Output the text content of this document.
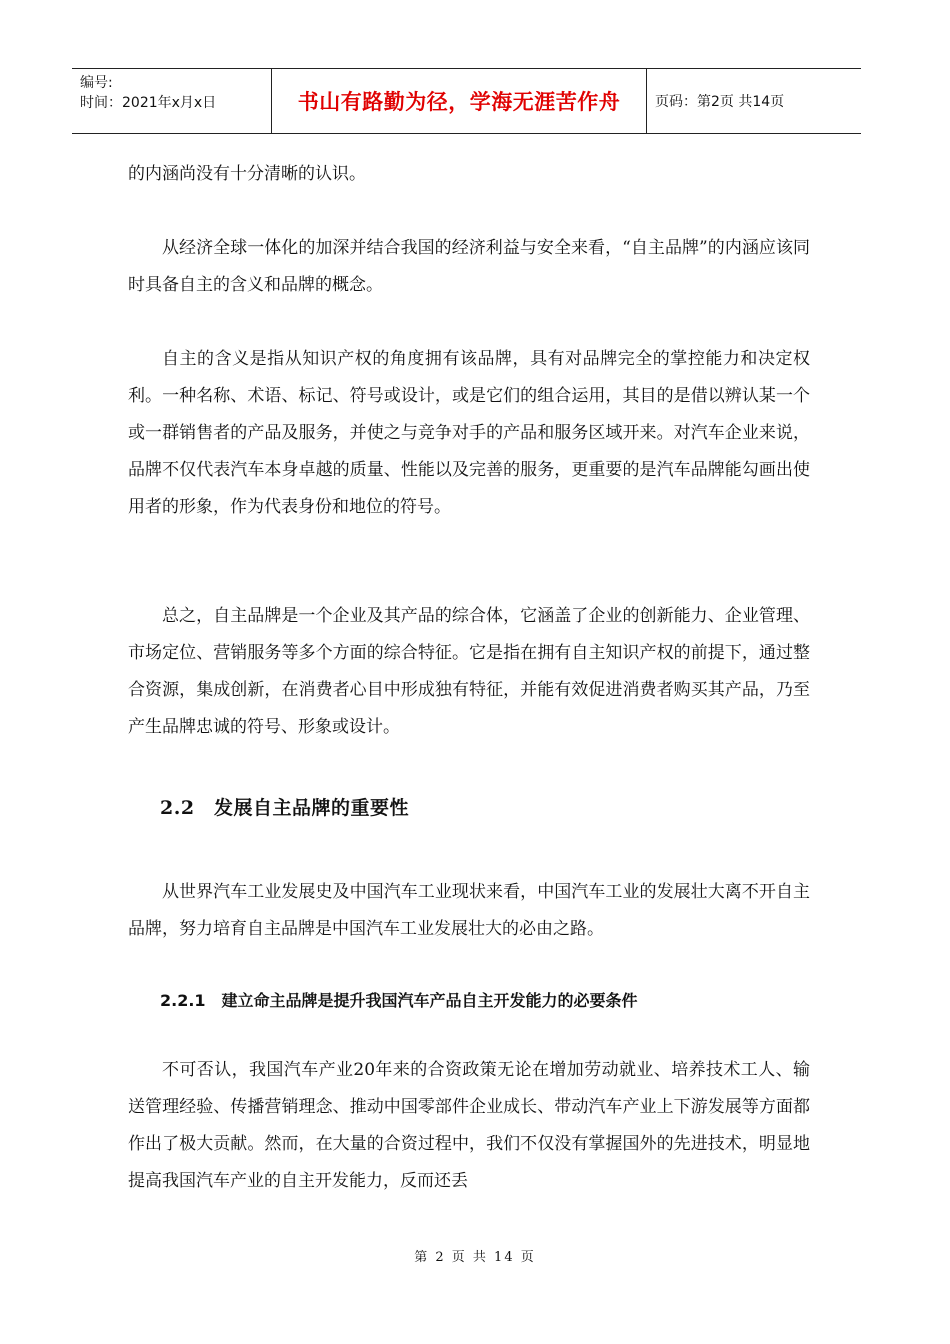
编号:
时间：2021年x月x日	书山有路勤为径，学海无涯苦作舟	页码：第2页 共14页

的内涵尚没有十分清晰的认识。

从经济全球一体化的加深并结合我国的经济利益与安全来看，“自主品牌”的内涵应该同时具备自主的含义和品牌的概念。

自主的含义是指从知识产权的角度拥有该品牌，具有对品牌完全的掌控能力和决定权利。一种名称、术语、标记、符号或设计，或是它们的组合运用，其目的是借以辨认某一个或一群销售者的产品及服务，并使之与竞争对手的产品和服务区域开来。对汽车企业来说，品牌不仅代表汽车本身卓越的质量、性能以及完善的服务，更重要的是汽车品牌能勾画出使用者的形象，作为代表身份和地位的符号。

总之，自主品牌是一个企业及其产品的综合体，它涵盖了企业的创新能力、企业管理、市场定位、营销服务等多个方面的综合特征。它是指在拥有自主知识产权的前提下，通过整合资源，集成创新，在消费者心目中形成独有特征，并能有效促进消费者购买其产品，乃至产生品牌忠诚的符号、形象或设计。

2.2　发展自主品牌的重要性

从世界汽车工业发展史及中国汽车工业现状来看，中国汽车工业的发展壮大离不开自主品牌，努力培育自主品牌是中国汽车工业发展壮大的必由之路。

2.2.1　建立命主品牌是提升我国汽车产品自主开发能力的必要条件

不可否认，我国汽车产业20年来的合资政策无论在增加劳动就业、培养技术工人、输送管理经验、传播营销理念、推动中国零部件企业成长、带动汽车产业上下游发展等方面都作出了极大贡献。然而，在大量的合资过程中，我们不仅没有掌握国外的先进技术，明显地提高我国汽车产业的自主开发能力，反而还丢

第 2 页 共 14 页
